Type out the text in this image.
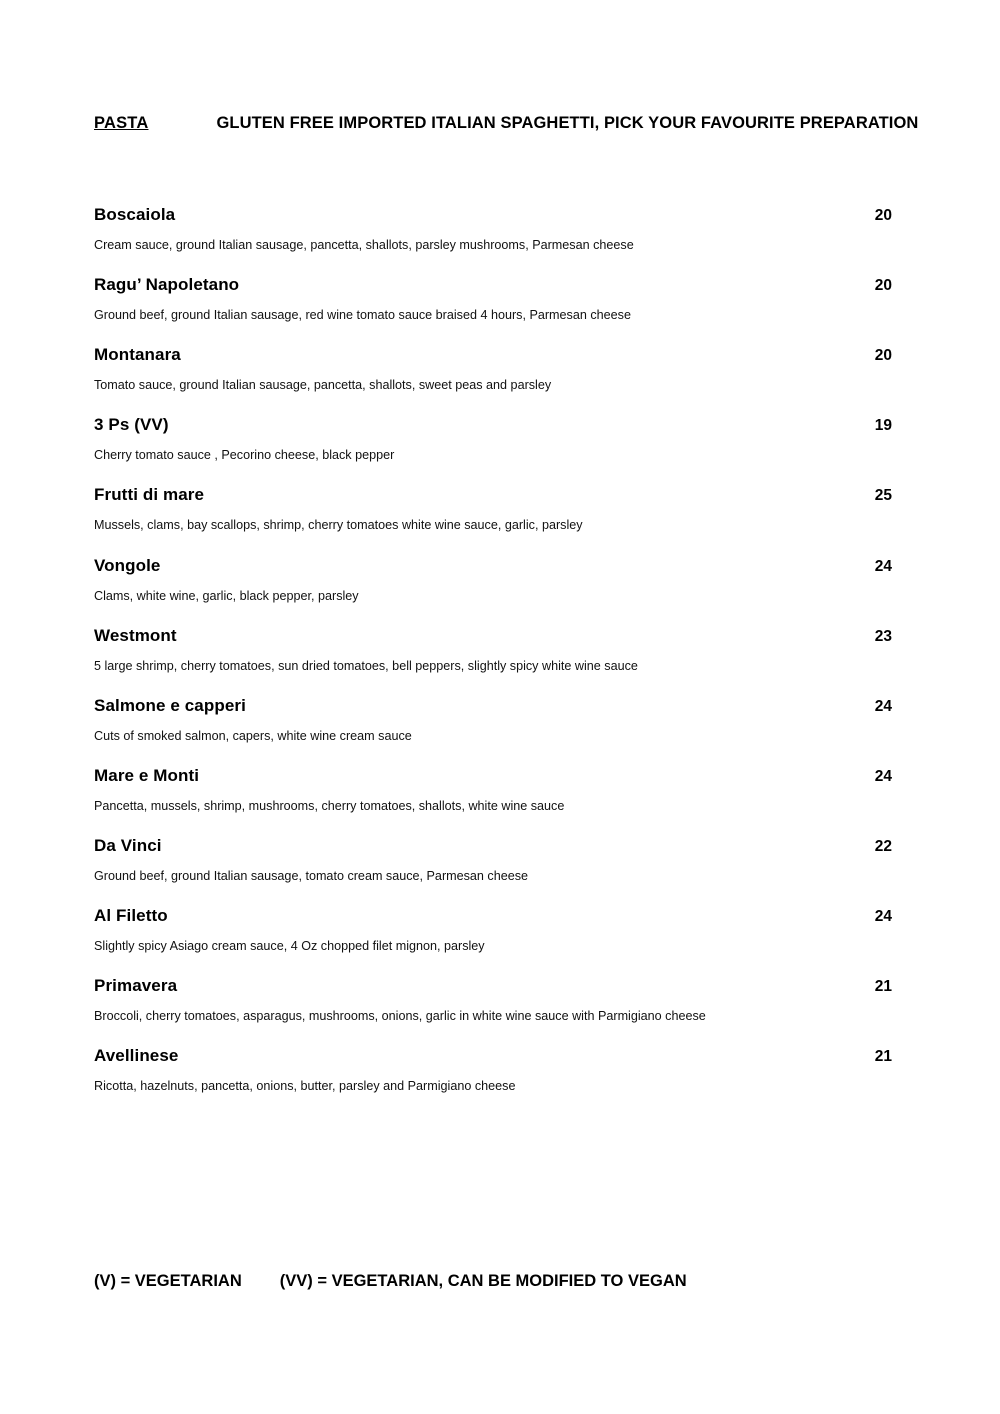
PASTA	GLUTEN FREE IMPORTED ITALIAN SPAGHETTI, PICK YOUR FAVOURITE PREPARATION
Boscaiola	20
Cream sauce, ground Italian sausage, pancetta, shallots, parsley mushrooms, Parmesan cheese
Ragu’ Napoletano	20
Ground beef, ground Italian sausage, red wine tomato sauce braised 4 hours, Parmesan cheese
Montanara	20
Tomato sauce, ground Italian sausage, pancetta, shallots, sweet peas and parsley
3 Ps (VV)	19
Cherry tomato sauce , Pecorino cheese, black pepper
Frutti di mare	25
Mussels, clams, bay scallops, shrimp, cherry tomatoes white wine sauce, garlic, parsley
Vongole	24
Clams, white wine, garlic, black pepper, parsley
Westmont	23
5 large shrimp, cherry tomatoes, sun dried tomatoes, bell peppers, slightly spicy white wine sauce
Salmone e capperi	24
Cuts of smoked salmon, capers, white wine cream sauce
Mare e Monti	24
Pancetta, mussels, shrimp, mushrooms, cherry tomatoes, shallots, white wine sauce
Da Vinci	22
Ground beef, ground Italian sausage, tomato cream sauce, Parmesan cheese
Al Filetto	24
Slightly spicy Asiago cream sauce, 4 Oz chopped filet mignon, parsley
Primavera	21
Broccoli, cherry tomatoes, asparagus, mushrooms, onions, garlic in white wine sauce with Parmigiano cheese
Avellinese	21
Ricotta, hazelnuts, pancetta, onions, butter, parsley and Parmigiano cheese
(V) = VEGETARIAN (VV) = VEGETARIAN, CAN BE MODIFIED TO VEGAN
